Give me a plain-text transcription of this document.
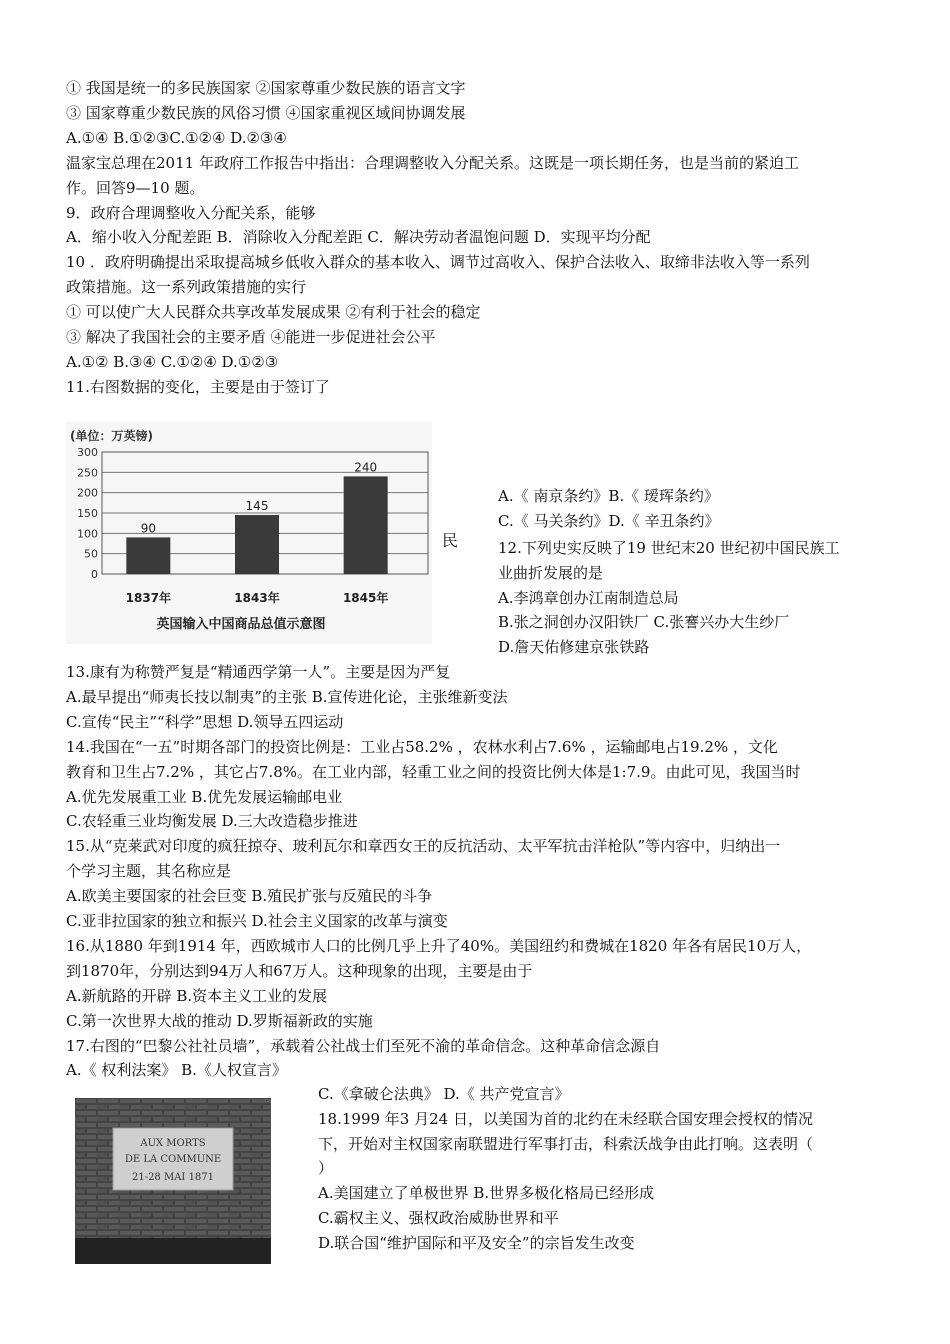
① 我国是统一的多民族国家 ②国家尊重少数民族的语言文字
③ 国家尊重少数民族的风俗习惯 ④国家重视区域间协调发展
A.①④ B.①②③C.①②④ D.②③④
温家宝总理在2011 年政府工作报告中指出：合理调整收入分配关系。这既是一项长期任务，也是当前的紧迫工
作。回答9—10 题。
9．政府合理调整收入分配关系，能够
A．缩小收入分配差距 B．消除收入分配差距 C．解决劳动者温饱问题 D．实现平均分配
10 ．政府明确提出采取提高城乡低收入群众的基本收入、调节过高收入、保护合法收入、取缔非法收入等一系列
政策措施。这一系列政策措施的实行
① 可以使广大人民群众共享改革发展成果 ②有利于社会的稳定
③ 解决了我国社会的主要矛盾 ④能进一步促进社会公平
A.①② B.③④ C.①②④ D.①②③
11.右图数据的变化，主要是由于签订了
(单位：万英镑)
300
250
200
150
100
50
0
90
1837年
145
1843年
240
1845年
英国输入中国商品总值示意图
民
A.《 南京条约》B.《 瑷珲条约》
C.《 马关条约》D.《 辛丑条约》
12.下列史实反映了19 世纪末20 世纪初中国民族工
业曲折发展的是
A.李鸿章创办江南制造总局
B.张之洞创办汉阳铁厂 C.张謇兴办大生纱厂
D.詹天佑修建京张铁路
13.康有为称赞严复是“精通西学第一人”。主要是因为严复
A.最早提出“师夷长技以制夷”的主张 B.宣传进化论，主张维新变法
C.宣传“民主”“科学”思想 D.领导五四运动
14.我国在“一五”时期各部门的投资比例是：工业占58.2% ，农林水利占7.6% ，运输邮电占19.2% ，文化
教育和卫生占7.2% ，其它占7.8%。在工业内部，轻重工业之间的投资比例大体是1:7.9。由此可见，我国当时
A.优先发展重工业 B.优先发展运输邮电业
C.农轻重三业均衡发展 D.三大改造稳步推进
15.从“克莱武对印度的疯狂掠夺、玻利瓦尔和章西女王的反抗活动、太平军抗击洋枪队”等内容中，归纳出一
个学习主题，其名称应是
A.欧美主要国家的社会巨变 B.殖民扩张与反殖民的斗争
C.亚非拉国家的独立和振兴 D.社会主义国家的改革与演变
16.从1880 年到1914 年，西欧城市人口的比例几乎上升了40%。美国纽约和费城在1820 年各有居民10万人，
到1870年，分别达到94万人和67万人。这种现象的出现，主要是由于
A.新航路的开辟 B.资本主义工业的发展
C.第一次世界大战的推动 D.罗斯福新政的实施
17.右图的“巴黎公社社员墙”，承载着公社战士们至死不渝的革命信念。这种革命信念源自
A.《 权利法案》 B.《人权宣言》
AUX MORTS
DE LA COMMUNE
21-28 MAI 1871
C.《拿破仑法典》 D.《 共产党宣言》
18.1999 年3 月24 日，以美国为首的北约在未经联合国安理会授权的情况
下，开始对主权国家南联盟进行军事打击，科索沃战争由此打响。这表明（
）
A.美国建立了单极世界 B.世界多极化格局已经形成
C.霸权主义、强权政治威胁世界和平
D.联合国“维护国际和平及安全”的宗旨发生改变
